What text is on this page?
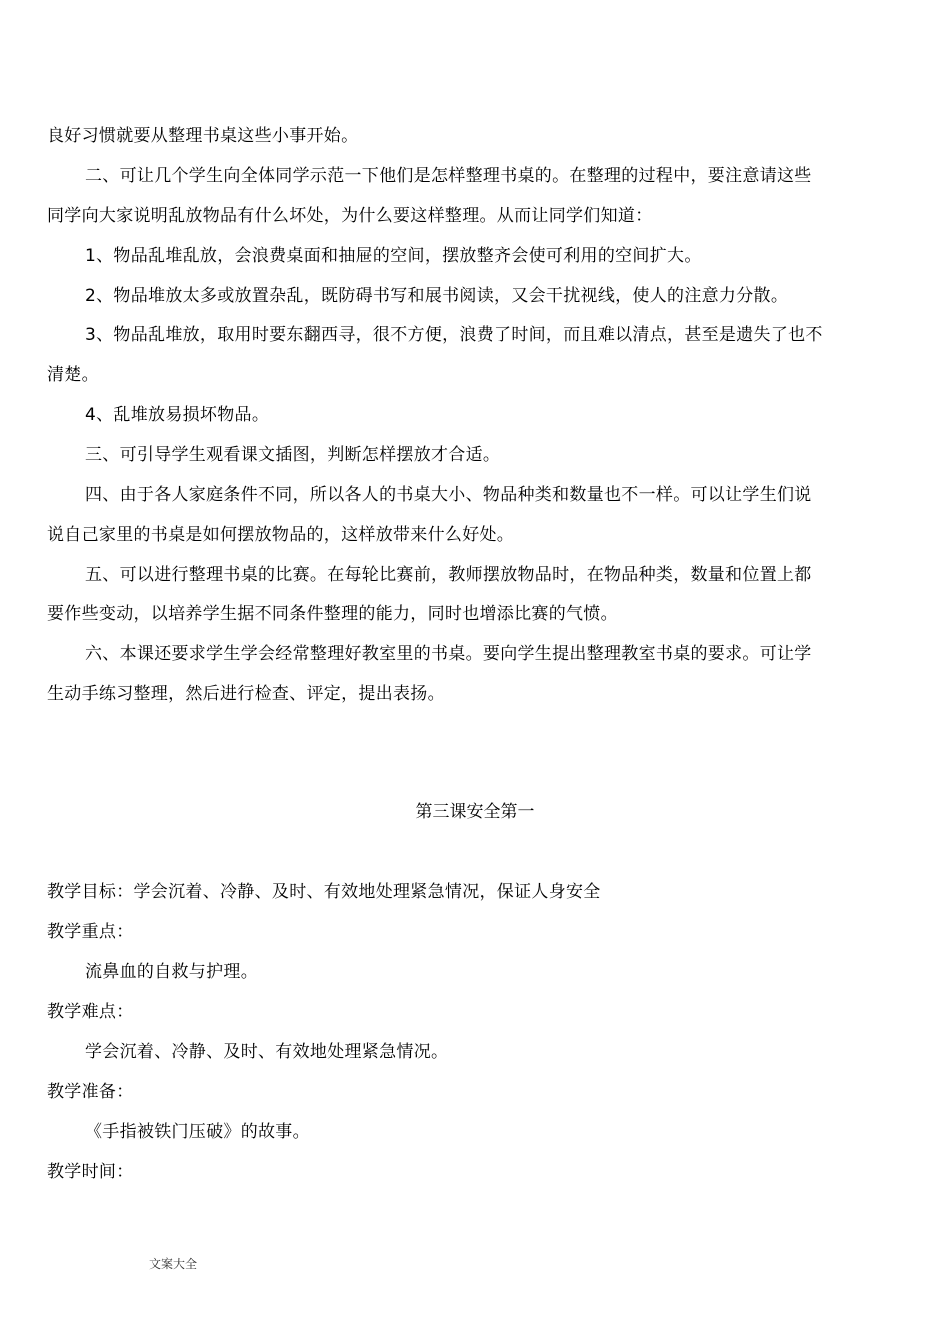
良好习惯就要从整理书桌这些小事开始。
二、可让几个学生向全体同学示范一下他们是怎样整理书桌的。在整理的过程中，要注意请这些
同学向大家说明乱放物品有什么坏处，为什么要这样整理。从而让同学们知道：
1、物品乱堆乱放，会浪费桌面和抽屉的空间，摆放整齐会使可利用的空间扩大。
2、物品堆放太多或放置杂乱，既防碍书写和展书阅读，又会干扰视线，使人的注意力分散。
3、物品乱堆放，取用时要东翻西寻，很不方便，浪费了时间，而且难以清点，甚至是遗失了也不
清楚。
4、乱堆放易损坏物品。
三、可引导学生观看课文插图，判断怎样摆放才合适。
四、由于各人家庭条件不同，所以各人的书桌大小、物品种类和数量也不一样。可以让学生们说
说自己家里的书桌是如何摆放物品的，这样放带来什么好处。
五、可以进行整理书桌的比赛。在每轮比赛前，教师摆放物品时，在物品种类，数量和位置上都
要作些变动，以培养学生据不同条件整理的能力，同时也增添比赛的气愤。
六、本课还要求学生学会经常整理好教室里的书桌。要向学生提出整理教室书桌的要求。可让学
生动手练习整理，然后进行检查、评定，提出表扬。
第三课安全第一
教学目标：学会沉着、冷静、及时、有效地处理紧急情况，保证人身安全
教学重点：
流鼻血的自救与护理。
教学难点：
学会沉着、冷静、及时、有效地处理紧急情况。
教学准备：
《手指被铁门压破》的故事。
教学时间：
文案大全
